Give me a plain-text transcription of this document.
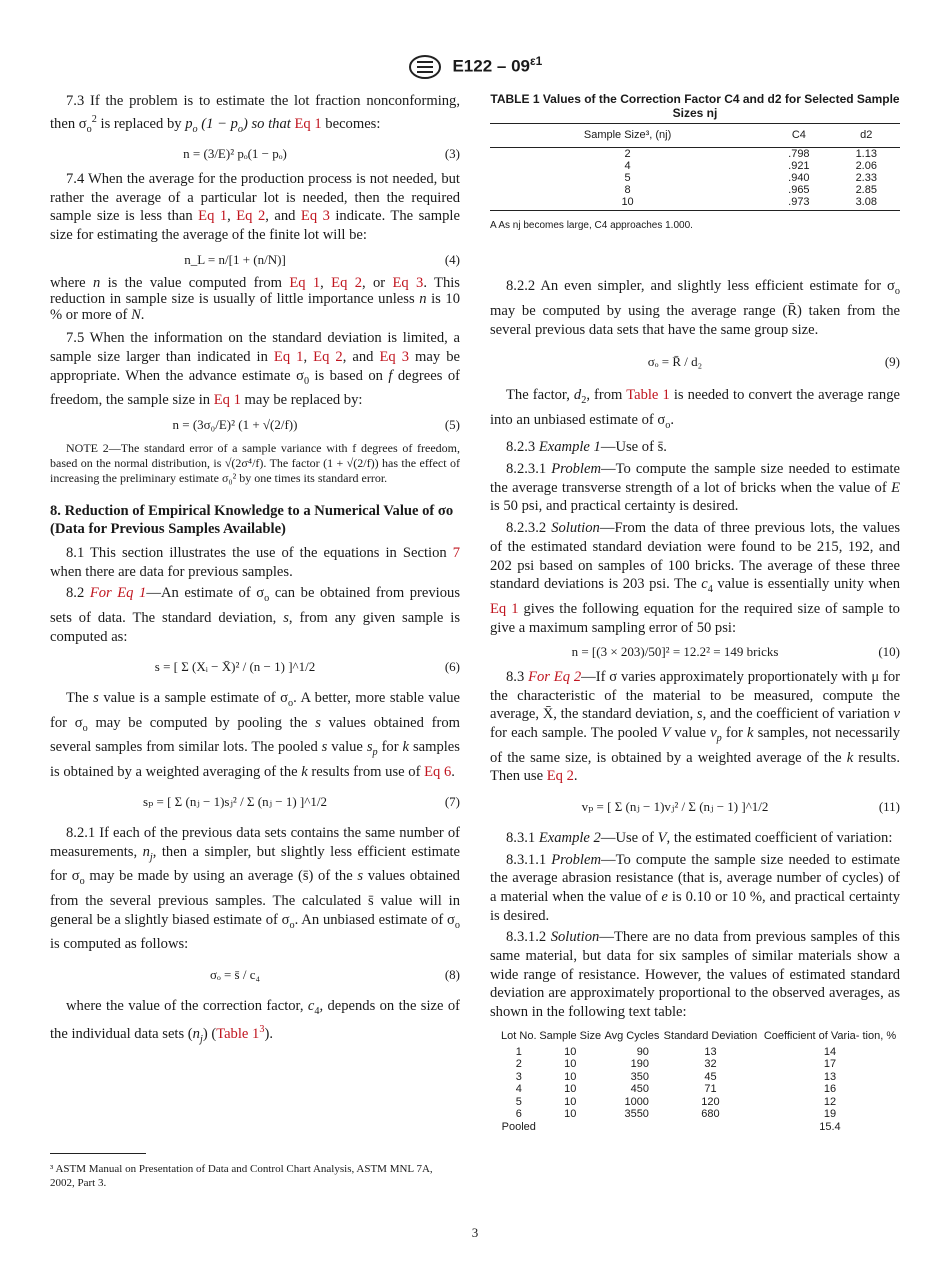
$E122 - 09^{\varepsilon 1}$

7.3 If the problem is to estimate the lot fraction nonconforming, then $\sigma_o^2$ is replaced by $p_o$ $(1 - p_o)$ so that Eq 1 becomes:

n = (3/E)² pₒ(1 − pₒ)	(3)

7.4 When the average for the production process is not needed, but rather the average of a particular lot is needed, then the required sample size is less than Eq 1, Eq 2, and Eq 3 indicate. The sample size for estimating the average of the finite lot will be:

n_L = n/[1 + (n/N)]	(4)

where n is the value computed from Eq 1, Eq 2, or Eq 3. This reduction in sample size is usually of little importance unless n is 10 % or more of N.

7.5 When the information on the standard deviation is limited, a sample size larger than indicated in Eq 1, Eq 2, and Eq 3 may be appropriate. When the advance estimate $\sigma_0$ is based on f degrees of freedom, the sample size in Eq 1 may be replaced by:

n = (3σ₀/E)² (1 + √(2/f))	(5)

NOTE 2—The standard error of a sample variance with f degrees of freedom, based on the normal distribution, is √(2σ⁴/f). The factor (1 + √(2/f)) has the effect of increasing the preliminary estimate σ₀² by one times its standard error.

8. Reduction of Empirical Knowledge to a Numerical Value of σo (Data for Previous Samples Available)

8.1 This section illustrates the use of the equations in Section 7 when there are data for previous samples.

8.2 For Eq 1—An estimate of $\sigma_o$ can be obtained from previous sets of data. The standard deviation, s, from any given sample is computed as:

s = [ Σ (Xᵢ − X̄)² / (n − 1) ]^1/2	(6)

The s value is a sample estimate of $\sigma_o$. A better, more stable value for $\sigma_o$ may be computed by pooling the s values obtained from several samples from similar lots. The pooled s value $s_p$ for k samples is obtained by a weighted averaging of the k results from use of Eq 6.

sₚ = [ Σ (nⱼ − 1)sⱼ² / Σ (nⱼ − 1) ]^1/2	(7)

8.2.1 If each of the previous data sets contains the same number of measurements, $n_j$, then a simpler, but slightly less efficient estimate for $\sigma_o$ may be made by using an average (s̄) of the s values obtained from the several previous samples. The calculated s̄ value will in general be a slightly biased estimate of $\sigma_o$. An unbiased estimate of $\sigma_o$ is computed as follows:

σₒ = s̄ / c₄	(8)

where the value of the correction factor, $c_4$, depends on the size of the individual data sets $(n_j)$ (Table $1^3$).

TABLE 1 Values of the Correction Factor C4 and d2 for Selected Sample Sizes nj
Sample Size³, (nj)	C4	d2
2	.798	1.13
4	.921	2.06
5	.940	2.33
8	.965	2.85
10	.973	3.08
A As nj becomes large, C4 approaches 1.000.

8.2.2 An even simpler, and slightly less efficient estimate for $\sigma_o$ may be computed by using the average range (R̄) taken from the several previous data sets that have the same group size.

σₒ = R̄ / d₂	(9)

The factor, $d_2$, from Table 1 is needed to convert the average range into an unbiased estimate of $\sigma_o$.

8.2.3 Example 1—Use of s̄.

8.2.3.1 Problem—To compute the sample size needed to estimate the average transverse strength of a lot of bricks when the value of E is 50 psi, and practical certainty is desired.

8.2.3.2 Solution—From the data of three previous lots, the values of the estimated standard deviation were found to be 215, 192, and 202 psi based on samples of 100 bricks. The average of these three standard deviations is 203 psi. The $c_4$ value is essentially unity when Eq 1 gives the following equation for the required size of sample to give a maximum sampling error of 50 psi:

n = [(3 × 203)/50]² = 12.2² = 149 bricks	(10)

8.3 For Eq 2—If σ varies approximately proportionately with μ for the characteristic of the material to be measured, compute the average, X̄, the standard deviation, s, and the coefficient of variation v for each sample. The pooled V value $v_p$ for k samples, not necessarily of the same size, is obtained by a weighted average of the k results. Then use Eq 2.

vₚ = [ Σ (nⱼ − 1)vⱼ² / Σ (nⱼ − 1) ]^1/2	(11)

8.3.1 Example 2—Use of V, the estimated coefficient of variation:

8.3.1.1 Problem—To compute the sample size needed to estimate the average abrasion resistance (that is, average number of cycles) of a material when the value of e is 0.10 or 10 %, and practical certainty is desired.

8.3.1.2 Solution—There are no data from previous samples of this same material, but data for six samples of similar materials show a wide range of resistance. However, the values of estimated standard deviation are approximately proportional to the observed averages, as shown in the following text table:

Lot No.	Sample Size	Avg Cycles	Standard Deviation	Coefficient of Varia- tion, %
1	10	90	13	14
2	10	190	32	17
3	10	350	45	13
4	10	450	71	16
5	10	1000	120	12
6	10	3550	680	19
Pooled				15.4
³ ASTM Manual on Presentation of Data and Control Chart Analysis, ASTM MNL 7A, 2002, Part 3.
3
